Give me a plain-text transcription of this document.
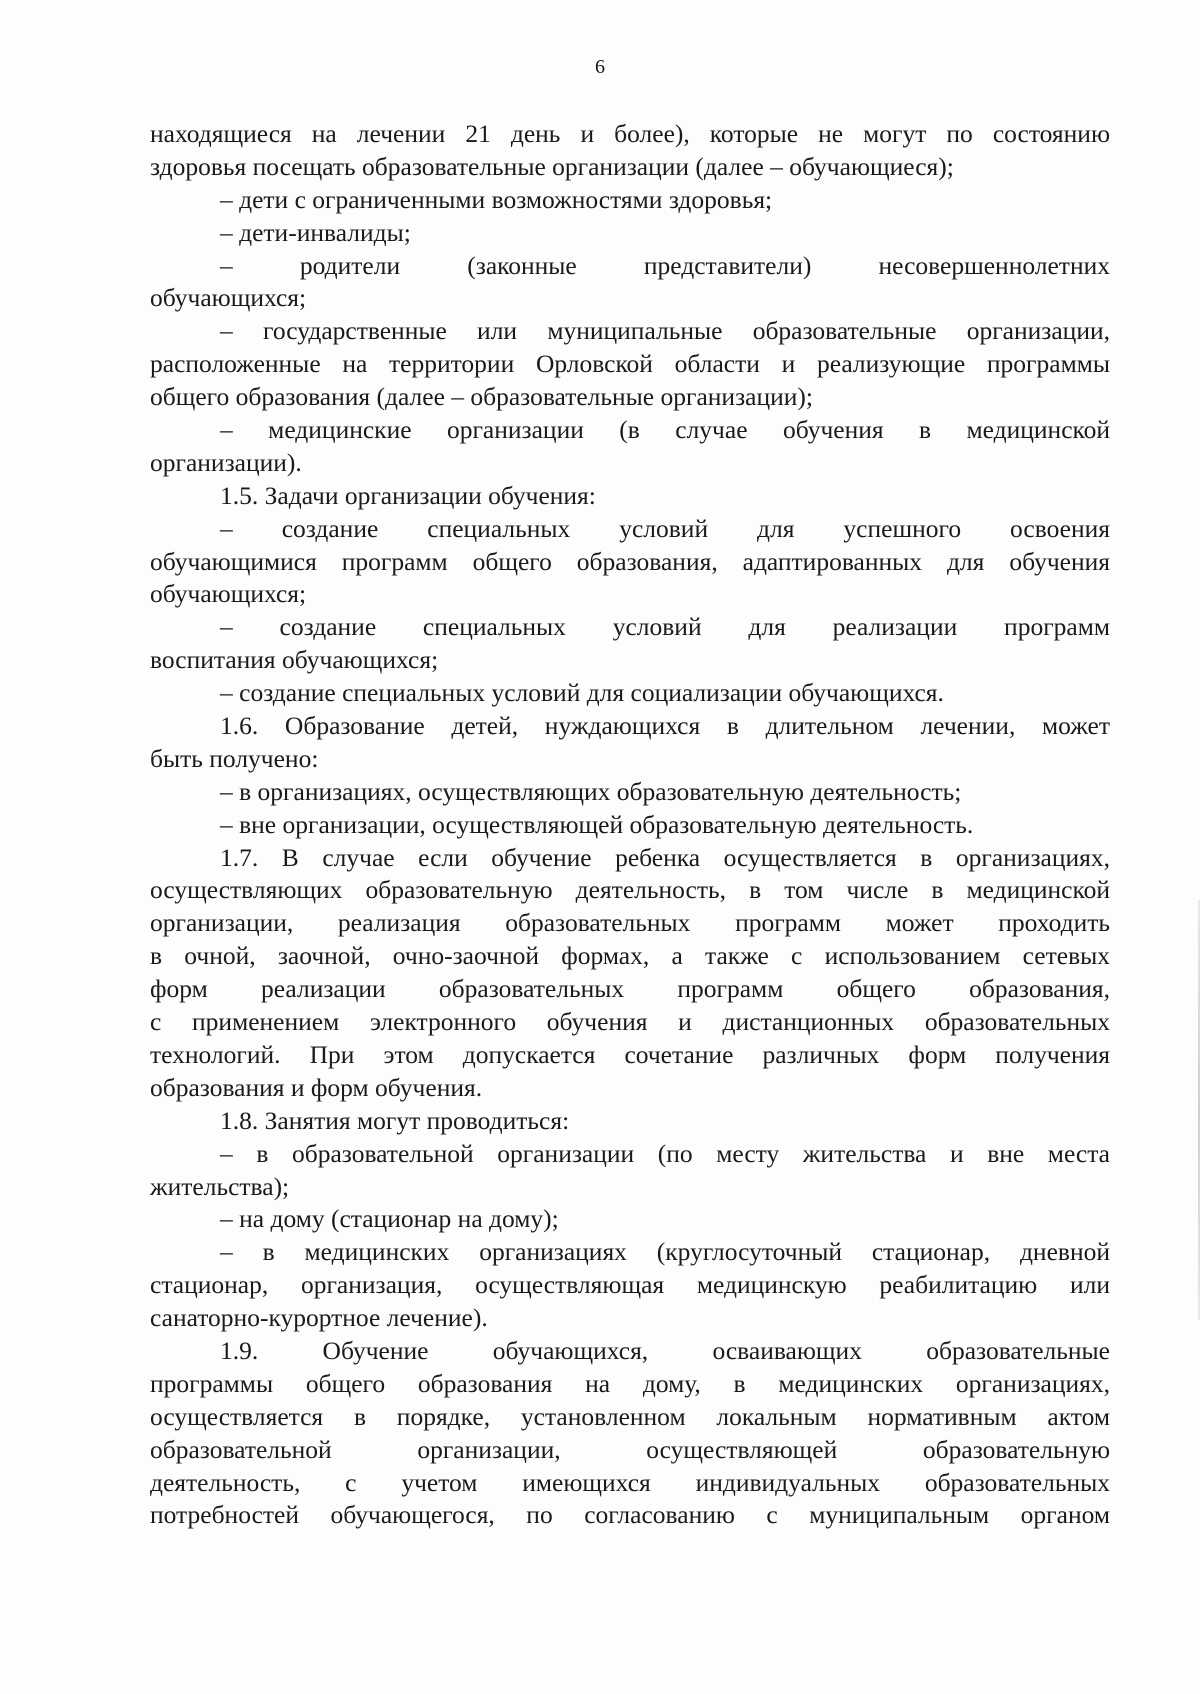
6
находящиеся на лечении 21 день и более), которые не могут по состоянию
здоровья посещать образовательные организации (далее – обучающиеся);
– дети с ограниченными возможностями здоровья;
– дети-инвалиды;
– родители (законные представители) несовершеннолетних
обучающихся;
– государственные или муниципальные образовательные организации,
расположенные на территории Орловской области и реализующие программы
общего образования (далее – образовательные организации);
– медицинские организации (в случае обучения в медицинской
организации).
1.5. Задачи организации обучения:
– создание специальных условий для успешного освоения
обучающимися программ общего образования, адаптированных для обучения
обучающихся;
– создание специальных условий для реализации программ
воспитания обучающихся;
– создание специальных условий для социализации обучающихся.
1.6. Образование детей, нуждающихся в длительном лечении, может
быть получено:
– в организациях, осуществляющих образовательную деятельность;
– вне организации, осуществляющей образовательную деятельность.
1.7. В случае если обучение ребенка осуществляется в организациях,
осуществляющих образовательную деятельность, в том числе в медицинской
организации, реализация образовательных программ может проходить
в очной, заочной, очно-заочной формах, а также с использованием сетевых
форм реализации образовательных программ общего образования,
с применением электронного обучения и дистанционных образовательных
технологий. При этом допускается сочетание различных форм получения
образования и форм обучения.
1.8. Занятия могут проводиться:
– в образовательной организации (по месту жительства и вне места
жительства);
– на дому (стационар на дому);
– в медицинских организациях (круглосуточный стационар, дневной
стационар, организация, осуществляющая медицинскую реабилитацию или
санаторно-курортное лечение).
1.9. Обучение обучающихся, осваивающих образовательные
программы общего образования на дому, в медицинских организациях,
осуществляется в порядке, установленном локальным нормативным актом
образовательной организации, осуществляющей образовательную
деятельность, с учетом имеющихся индивидуальных образовательных
потребностей обучающегося, по согласованию с муниципальным органом
